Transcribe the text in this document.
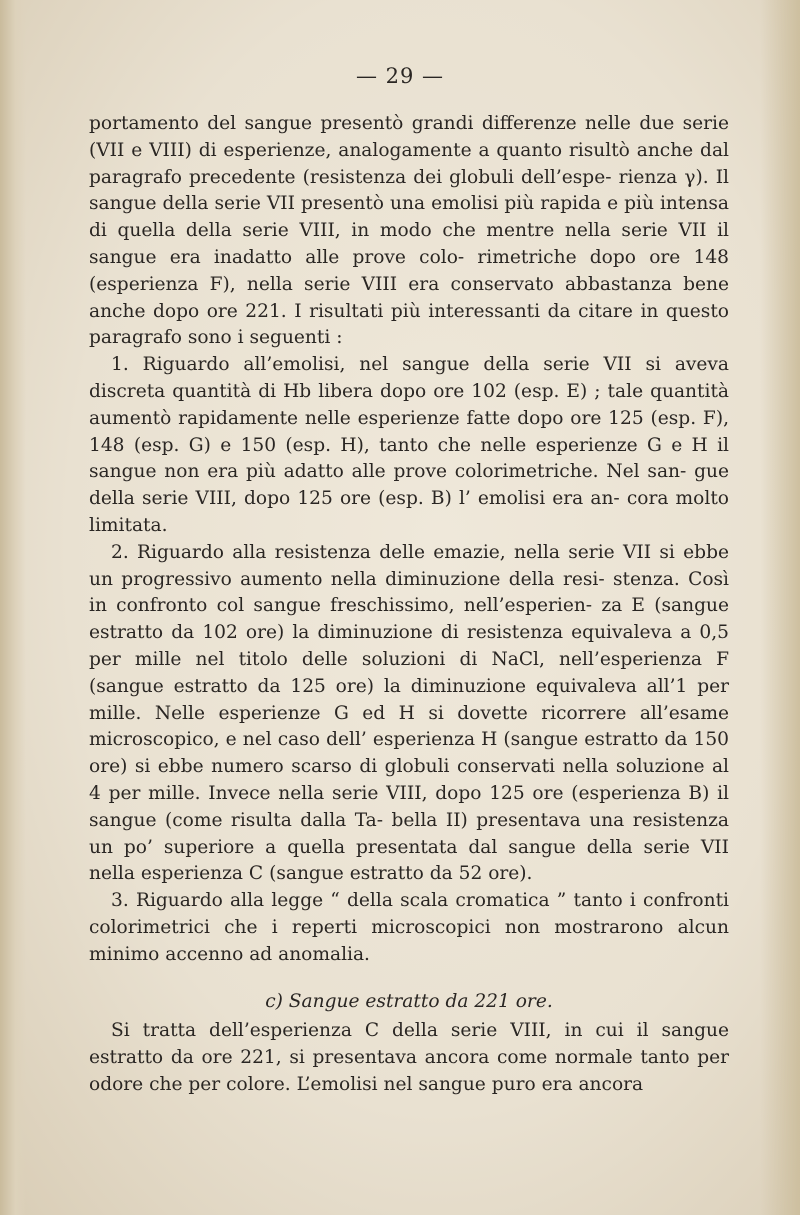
— 29 —

portamento del sangue presentò grandi differenze nelle due serie (VII e VIII) di esperienze, analogamente a quanto risultò anche dal paragrafo precedente (resistenza dei globuli dell’espe- rienza γ). Il sangue della serie VII presentò una emolisi più rapida e più intensa di quella della serie VIII, in modo che mentre nella serie VII il sangue era inadatto alle prove colo- rimetriche dopo ore 148 (esperienza F), nella serie VIII era conservato abbastanza bene anche dopo ore 221. I risultati più interessanti da citare in questo paragrafo sono i seguenti :

1. Riguardo all’emolisi, nel sangue della serie VII si aveva discreta quantità di Hb libera dopo ore 102 (esp. E) ; tale quantità aumentò rapidamente nelle esperienze fatte dopo ore 125 (esp. F), 148 (esp. G) e 150 (esp. H), tanto che nelle esperienze G e H il sangue non era più adatto alle prove colorimetriche. Nel san- gue della serie VIII, dopo 125 ore (esp. B) l’ emolisi era an- cora molto limitata.

2. Riguardo alla resistenza delle emazie, nella serie VII si ebbe un progressivo aumento nella diminuzione della resi- stenza. Così in confronto col sangue freschissimo, nell’esperien- za E (sangue estratto da 102 ore) la diminuzione di resistenza equivaleva a 0,5 per mille nel titolo delle soluzioni di NaCl, nell’esperienza F (sangue estratto da 125 ore) la diminuzione equivaleva all’1 per mille. Nelle esperienze G ed H si dovette ricorrere all’esame microscopico, e nel caso dell’ esperienza H (sangue estratto da 150 ore) si ebbe numero scarso di globuli conservati nella soluzione al 4 per mille. Invece nella serie VIII, dopo 125 ore (esperienza B) il sangue (come risulta dalla Ta- bella II) presentava una resistenza un po’ superiore a quella presentata dal sangue della serie VII nella esperienza C (sangue estratto da 52 ore).

3. Riguardo alla legge “ della scala cromatica ” tanto i confronti colorimetrici che i reperti microscopici non mostrarono alcun minimo accenno ad anomalia.

c) Sangue estratto da 221 ore.

Si tratta dell’esperienza C della serie VIII, in cui il sangue estratto da ore 221, si presentava ancora come normale tanto per odore che per colore. L’emolisi nel sangue puro era ancora
